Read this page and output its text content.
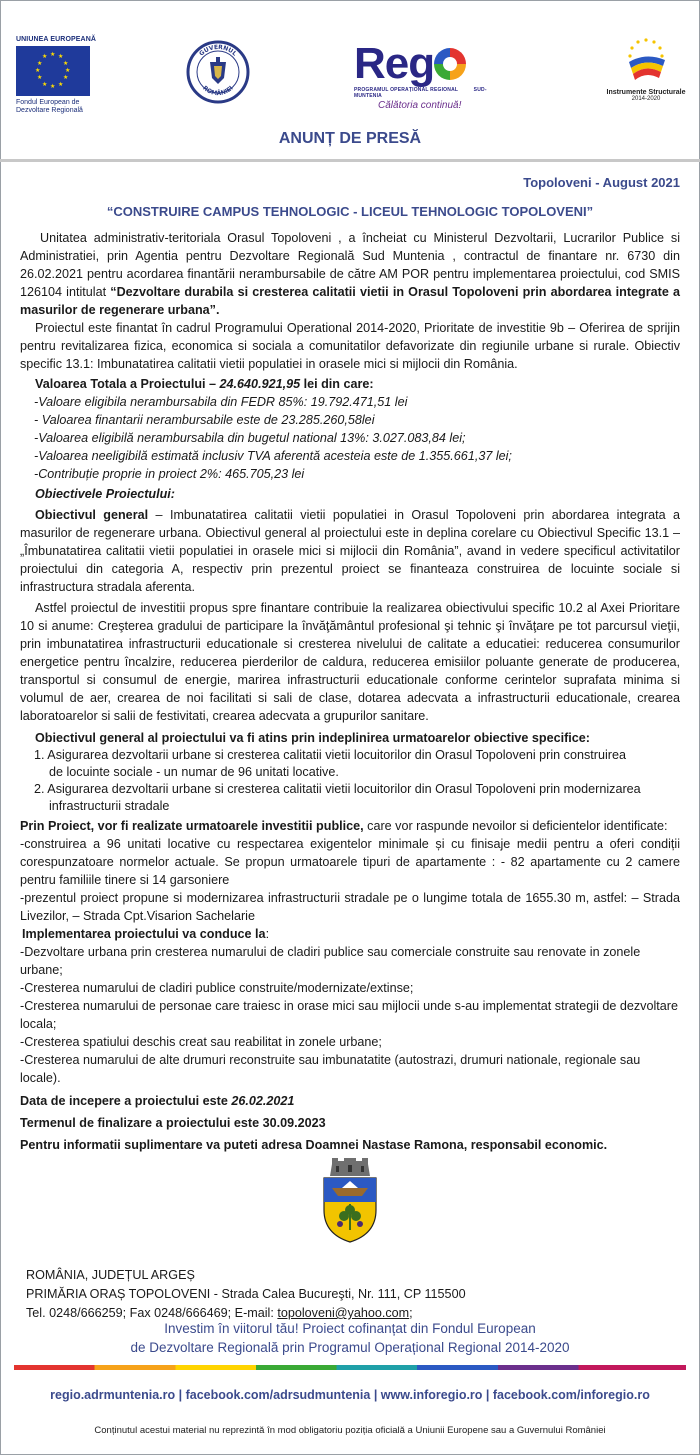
UNIUNEA EUROPEANĂ
★ ★
★
★
★
★
★
★
★
★
★
★
Fondul European de
Dezvoltare Regională
GUVERNUL
ROMÂNIEI
Reg
PROGRAMUL OPERAȚIONAL REGIONAL	SUD-MUNTENIA
Călătoria continuă!
Instrumente Structurale
2014-2020
ANUNȚ DE PRESĂ
Topoloveni - August 2021
“CONSTRUIRE CAMPUS TEHNOLOGIC - LICEUL TEHNOLOGIC TOPOLOVENI”
Unitatea administrativ-teritoriala Orasul Topoloveni , a încheiat cu Ministerul Dezvoltarii, Lucrarilor Publice si Administratiei, prin Agentia pentru Dezvoltare Regională Sud Muntenia , contractul de finantare nr. 6730 din 26.02.2021 pentru acordarea finantării nerambursabile de către AM POR pentru implementarea proiectului, cod SMIS 126104 intitulat “Dezvoltare durabila si cresterea calitatii vietii in Orasul Topoloveni prin abordarea integrate a masurilor de regenerare urbana”.
Proiectul este finantat în cadrul Programului Operational 2014-2020, Prioritate de investitie 9b – Oferirea de sprijin pentru revitalizarea fizica, economica si sociala a comunitatilor defavorizate din regiunile urbane si rurale. Obiectiv specific 13.1: Imbunatatirea calitatii vietii populatiei in orasele mici si mijlocii din România.
Valoarea Totala a Proiectului – 24.640.921,95 lei din care:
-Valoare eligibila nerambursabila din FEDR 85%: 19.792.471,51 lei
- Valoarea finantarii nerambursabile este de 23.285.260,58lei
-Valoarea eligibilă nerambursabila din bugetul national 13%: 3.027.083,84 lei;
-Valoarea neeligibilă estimată inclusiv TVA aferentă acesteia este de 1.355.661,37 lei;
-Contribuție proprie in proiect 2%: 465.705,23 lei
Obiectivele Proiectului:
Obiectivul general – Imbunatatirea calitatii vietii populatiei in Orasul Topoloveni prin abordarea integrata a masurilor de regenerare urbana. Obiectivul general al proiectului este in deplina corelare cu Obiectivul Specific 13.1 – „Îmbunatatirea calitatii vietii populatiei in orasele mici si mijlocii din România”, avand in vedere specificul activitatilor proiectului din categoria A, respectiv prin prezentul proiect se finanteaza construirea de locuinte sociale si infrastructura stradala aferenta.
Astfel proiectul de investitii propus spre finantare contribuie la realizarea obiectivului specific 10.2 al Axei Prioritare 10 si anume: Creşterea gradului de participare la învăţământul profesional şi tehnic şi învăţare pe tot parcursul vieţii, prin imbunatatirea infrastructurii educationale si cresterea nivelului de calitate a educatiei: reducerea consumurilor energetice pentru încalzire, reducerea pierderilor de caldura, reducerea emisiilor poluante generate de producerea, transportul si consumul de energie, marirea infrastructurii educationale conforme cerintelor suprafata minima si volumul de aer, crearea de noi facilitati si sali de clase, dotarea adecvata a infrastructurii educationale, crearea laboratoarelor si salii de festivitati, crearea adecvata a grupurilor sanitare.
Obiectivul general al proiectului va fi atins prin indeplinirea urmatoarelor obiective specifice:
1. Asigurarea dezvoltarii urbane si cresterea calitatii vietii locuitorilor din Orasul Topoloveni prin construirea
de locuinte sociale - un numar de 96 unitati locative.
2. Asigurarea dezvoltarii urbane si cresterea calitatii vietii locuitorilor din Orasul Topoloveni prin modernizarea
infrastructurii stradale
Prin Proiect, vor fi realizate urmatoarele investitii publice, care vor raspunde nevoilor si deficientelor identificate:
-construirea a 96 unitati locative cu respectarea exigentelor minimale și cu finisaje medii pentru a oferi condiții corespunzatoare normelor actuale. Se propun urmatoarele tipuri de apartamente : - 82 apartamente cu 2 camere pentru familiile tinere si 14 garsoniere
-prezentul proiect propune si modernizarea infrastructurii stradale pe o lungime totala de 1655.30 m, astfel: – Strada Livezilor, – Strada Cpt.Visarion Sachelarie
Implementarea proiectului va conduce la:
-Dezvoltare urbana prin cresterea numarului de cladiri publice sau comerciale construite sau renovate in zonele urbane;
-Cresterea numarului de cladiri publice construite/modernizate/extinse;
-Cresterea numarului de personae care traiesc in orase mici sau mijlocii unde s-au implementat strategii de dezvoltare locala;
-Cresterea spatiului deschis creat sau reabilitat in zonele urbane;
-Cresterea numarului de alte drumuri reconstruite sau imbunatatite (autostrazi, drumuri nationale, regionale sau locale).
Data de incepere a proiectului este 26.02.2021
Termenul de finalizare a proiectului este 30.09.2023
Pentru informatii suplimentare va puteti adresa Doamnei Nastase Ramona, responsabil economic.
ROMÂNIA, JUDEȚUL ARGEȘ
PRIMĂRIA ORAȘ TOPOLOVENI - Strada Calea Bucureşti, Nr. 111, CP 115500
Tel. 0248/666259; Fax 0248/666469; E-mail: topoloveni@yahoo.com;
Investim în viitorul tău! Proiect cofinanțat din Fondul European
de Dezvoltare Regională prin Programul Operațional Regional 2014-2020
regio.adrmuntenia.ro | facebook.com/adrsudmuntenia | www.inforegio.ro | facebook.com/inforegio.ro
Conținutul acestui material nu reprezintă în mod obligatoriu poziția oficială a Uniunii Europene sau a Guvernului României
